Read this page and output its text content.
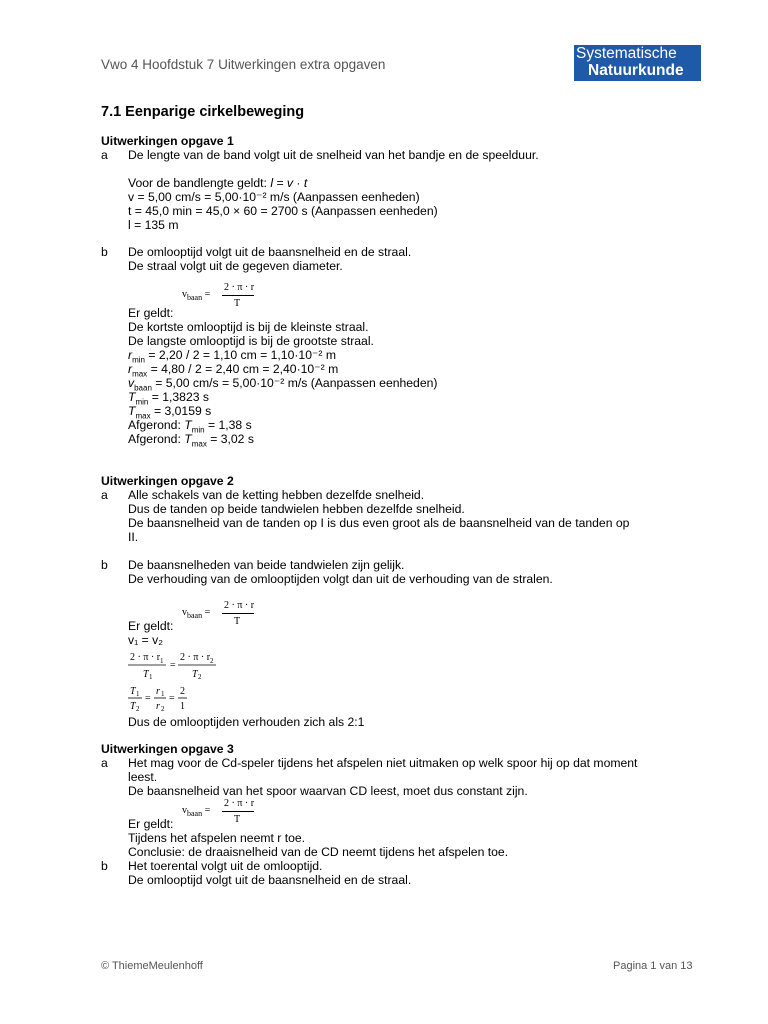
Vwo 4 Hoofdstuk 7 Uitwerkingen extra opgaven
Systematische
Natuurkunde
7.1 Eenparige cirkelbeweging
Uitwerkingen opgave 1
a De lengte van de band volgt uit de snelheid van het bandje en de speelduur.
Voor de bandlengte geldt: l = v · t
v = 5,00 cm/s = 5,00·10⁻² m/s (Aanpassen eenheden)
t = 45,0 min = 45,0 × 60 = 2700 s (Aanpassen eenheden)
l = 135 m
b De omlooptijd volgt uit de baansnelheid en de straal.
De straal volgt uit de gegeven diameter.
$v_{baan}$ =
2 · π · r
T
Er geldt:
De kortste omlooptijd is bij de kleinste straal.
De langste omlooptijd is bij de grootste straal.
$r_{min} = 2,20 / 2 = 1,10$ cm = 1,10·10⁻² m
$r_{max} = 4,80 / 2 = 2,40$ cm = 2,40·10⁻² m
$v_{baan} = 5,00$ cm/s = 5,00·10⁻² m/s (Aanpassen eenheden)
$T_{min} = 1,3823$ s
$T_{max} = 3,0159$ s
Afgerond: $T_{min} = 1,38$ s
Afgerond: $T_{max} = 3,02$ s
Uitwerkingen opgave 2
a Alle schakels van de ketting hebben dezelfde snelheid.
Dus de tanden op beide tandwielen hebben dezelfde snelheid.
De baansnelheid van de tanden op I is dus even groot als de baansnelheid van de tanden op
II.
b De baansnelheden van beide tandwielen zijn gelijk.
De verhouding van de omlooptijden volgt dan uit de verhouding van de stralen.
$v_{baan}$ =
2 · π · r
T
Er geldt:
v₁ = v₂
2 · π · r 1
T 1
=
2 · π · r 2
T 2
T 1
T 2
=
r 1
r 2
=
2
1
Dus de omlooptijden verhouden zich als 2:1
Uitwerkingen opgave 3
a Het mag voor de Cd-speler tijdens het afspelen niet uitmaken op welk spoor hij op dat moment
leest.
De baansnelheid van het spoor waarvan CD leest, moet dus constant zijn.
$v_{baan}$ =
2 · π · r
T
Er geldt:
Tijdens het afspelen neemt r toe.
Conclusie: de draaisnelheid van de CD neemt tijdens het afspelen toe.
b Het toerental volgt uit de omlooptijd.
De omlooptijd volgt uit de baansnelheid en de straal.
© ThiemeMeulenhoff	Pagina 1 van 13
